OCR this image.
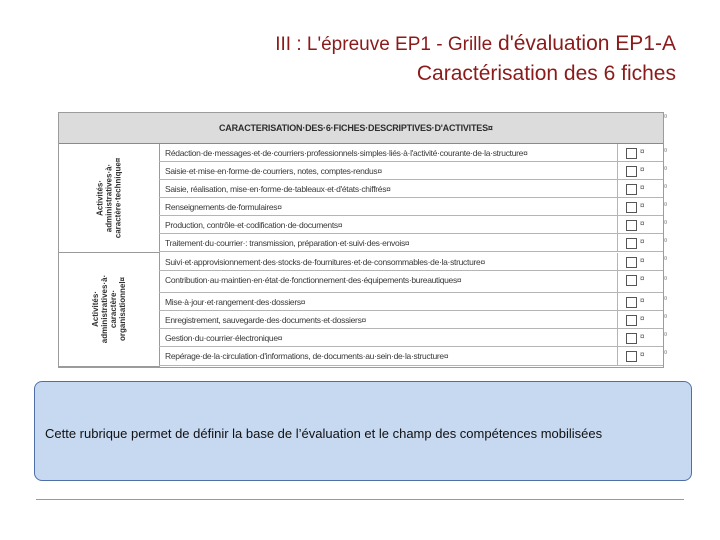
III : L'épreuve EP1 - Grille d'évaluation EP1-A
Caractérisation des 6 fiches
CARACTERISATION·DES·6·FICHES·DESCRIPTIVES·D'ACTIVITES¤
Activités· administratives·à· caractère·technique¤
Rédaction·de·messages·et·de·courriers·professionnels·simples·liés·à·l'activité·courante·de·la·structure¤	¤
Saisie·et·mise·en·forme·de·courriers, notes, comptes-rendus¤	¤
Saisie, réalisation, mise·en·forme·de·tableaux·et·d'états·chiffrés¤	¤
Renseignements·de·formulaires¤	¤
Production, contrôle·et·codification·de·documents¤	¤
Traitement·du·courrier·: transmission, préparation·et·suivi·des·envois¤	¤
Activités· administratives·à· caractère· organisationnel¤
Suivi·et·approvisionnement·des·stocks·de·fournitures·et·de·consommables·de·la·structure¤	¤
Contribution·au·maintien·en·état·de·fonctionnement·des·équipements·bureautiques¤	¤
Mise·à·jour·et·rangement·des·dossiers¤	¤
Enregistrement, sauvegarde·des·documents·et·dossiers¤	¤
Gestion·du·courrier·électronique¤	¤
Repérage·de·la·circulation·d'informations, de·documents·au·sein·de·la·structure¤	¤
¤
¤
¤
¤
¤
¤
¤
¤
¤
¤
¤
¤
¤
Cette rubrique permet de définir la base de l’évaluation et le champ des compétences mobilisées
